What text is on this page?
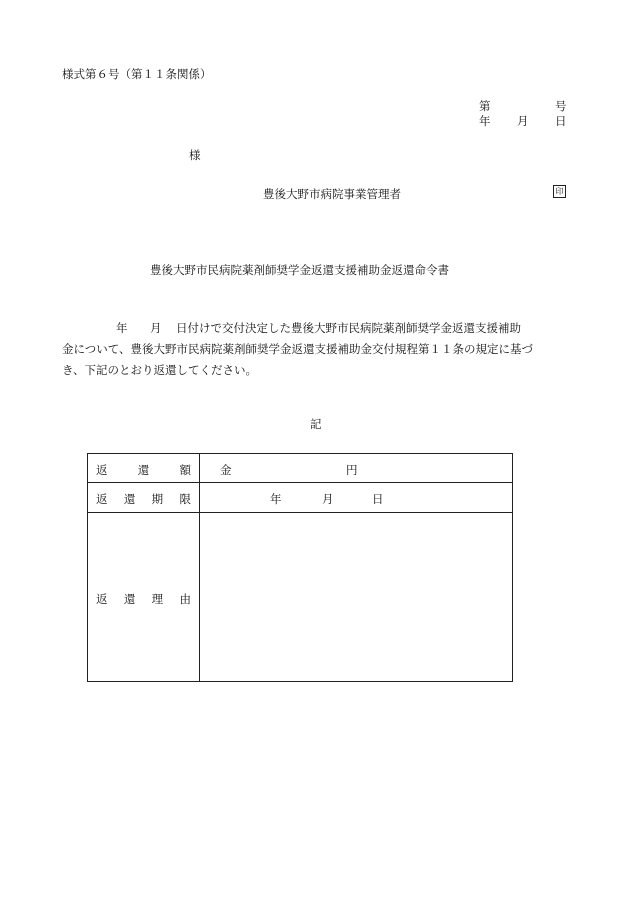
様式第６号（第１１条関係）
第	号
年 月 日
様
豊後大野市病院事業管理者	印
豊後大野市民病院薬剤師奨学金返還支援補助金返還命令書
年 月 日付けで交付決定した豊後大野市民病院薬剤師奨学金返還支援補助
金について、豊後大野市民病院薬剤師奨学金返還支援補助金交付規程第１１条の規定に基づ
き、下記のとおり返還してください。
記
返 還 額	金 円

返 還 期 限	年 月 日

返 還 理 由	
